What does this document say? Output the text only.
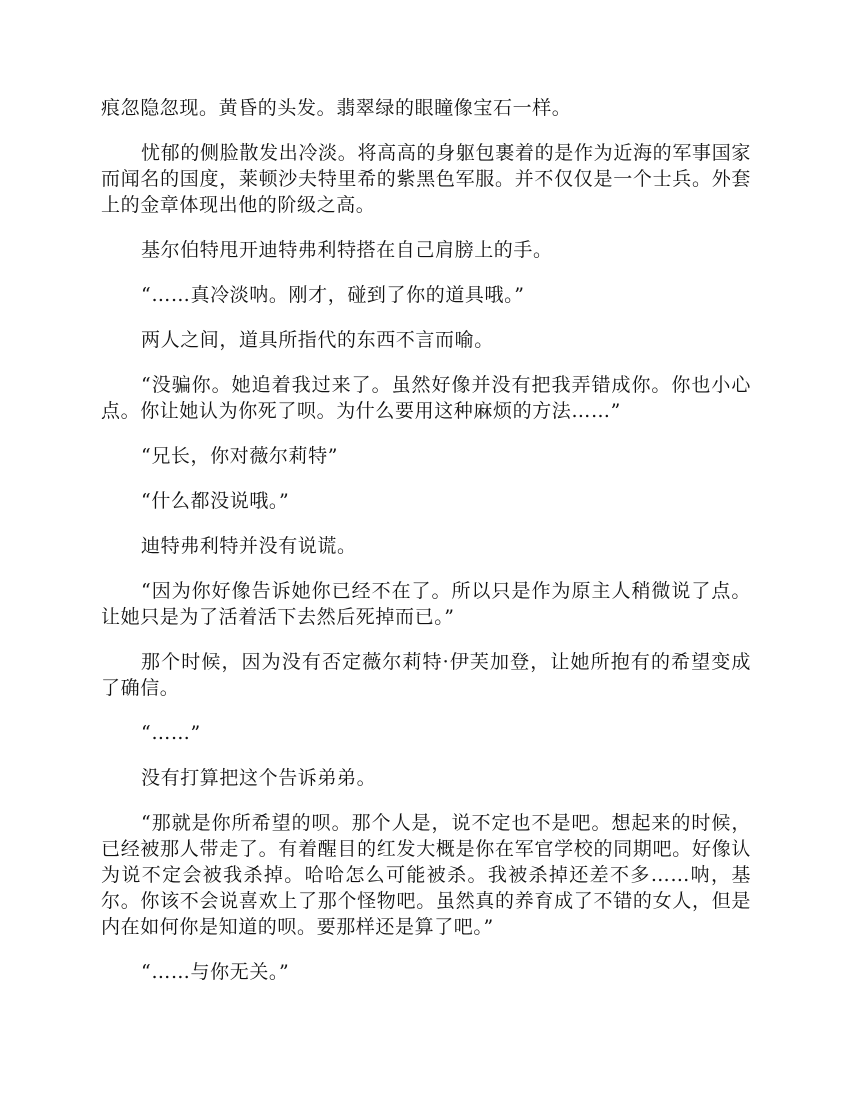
痕忽隐忽现。黄昏的头发。翡翠绿的眼瞳像宝石一样。

忧郁的侧脸散发出冷淡。将高高的身躯包裹着的是作为近海的军事国家而闻名的国度，莱顿沙夫特里希的紫黑色军服。并不仅仅是一个士兵。外套上的金章体现出他的阶级之高。

基尔伯特甩开迪特弗利特搭在自己肩膀上的手。

“……真冷淡呐。刚才，碰到了你的道具哦。”

两人之间，道具所指代的东西不言而喻。

“没骗你。她追着我过来了。虽然好像并没有把我弄错成你。你也小心点。你让她认为你死了呗。为什么要用这种麻烦的方法……”

“兄长，你对薇尔莉特”

“什么都没说哦。”

迪特弗利特并没有说谎。

“因为你好像告诉她你已经不在了。所以只是作为原主人稍微说了点。让她只是为了活着活下去然后死掉而已。”

那个时候，因为没有否定薇尔莉特·伊芙加登，让她所抱有的希望变成了确信。

“……”

没有打算把这个告诉弟弟。

“那就是你所希望的呗。那个人是，说不定也不是吧。想起来的时候，已经被那人带走了。有着醒目的红发大概是你在军官学校的同期吧。好像认为说不定会被我杀掉。哈哈怎么可能被杀。我被杀掉还差不多……呐，基尔。你该不会说喜欢上了那个怪物吧。虽然真的养育成了不错的女人，但是内在如何你是知道的呗。要那样还是算了吧。”

“……与你无关。”
